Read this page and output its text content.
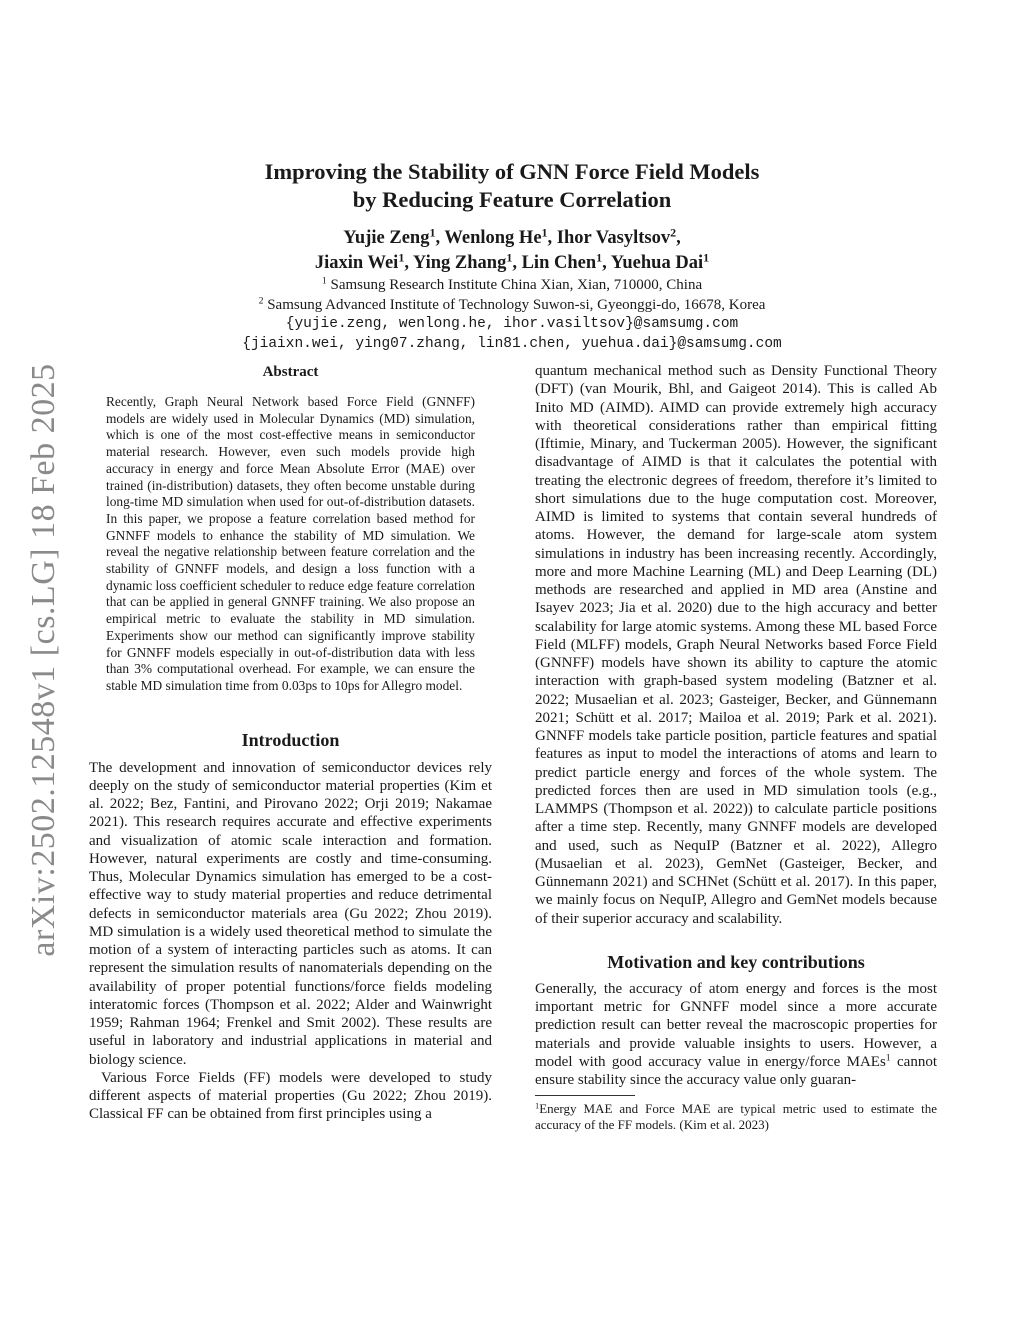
arXiv:2502.12548v1 [cs.LG] 18 Feb 2025
Improving the Stability of GNN Force Field Models
by Reducing Feature Correlation
Yujie Zeng$^1$, Wenlong He$^1$, Ihor Vasyltsov$^2$,
Jiaxin Wei$^1$, Ying Zhang$^1$, Lin Chen$^1$, Yuehua Dai$^1$
$^1$ Samsung Research Institute China Xian, Xian, 710000, China
$^2$ Samsung Advanced Institute of Technology Suwon-si, Gyeonggi-do, 16678, Korea
{yujie.zeng, wenlong.he, ihor.vasiltsov}@samsumg.com
{jiaixn.wei, ying07.zhang, lin81.chen, yuehua.dai}@samsumg.com
Abstract

Recently, Graph Neural Network based Force Field (GNNFF) models are widely used in Molecular Dynamics (MD) simulation, which is one of the most cost-effective means in semiconductor material research. However, even such models provide high accuracy in energy and force Mean Absolute Error (MAE) over trained (in-distribution) datasets, they often become unstable during long-time MD simulation when used for out-of-distribution datasets. In this paper, we propose a feature correlation based method for GNNFF models to enhance the stability of MD simulation. We reveal the negative relationship between feature correlation and the stability of GNNFF models, and design a loss function with a dynamic loss coefficient scheduler to reduce edge feature correlation that can be applied in general GNNFF training. We also propose an empirical metric to evaluate the stability in MD simulation. Experiments show our method can significantly improve stability for GNNFF models especially in out-of-distribution data with less than 3% computational overhead. For example, we can ensure the stable MD simulation time from 0.03ps to 10ps for Allegro model.

Introduction

The development and innovation of semiconductor devices rely deeply on the study of semiconductor material properties (Kim et al. 2022; Bez, Fantini, and Pirovano 2022; Orji 2019; Nakamae 2021). This research requires accurate and effective experiments and visualization of atomic scale interaction and formation. However, natural experiments are costly and time-consuming. Thus, Molecular Dynamics simulation has emerged to be a cost-effective way to study material properties and reduce detrimental defects in semiconductor materials area (Gu 2022; Zhou 2019). MD simulation is a widely used theoretical method to simulate the motion of a system of interacting particles such as atoms. It can represent the simulation results of nanomaterials depending on the availability of proper potential functions/force fields modeling interatomic forces (Thompson et al. 2022; Alder and Wainwright 1959; Rahman 1964; Frenkel and Smit 2002). These results are useful in laboratory and industrial applications in material and biology science.

Various Force Fields (FF) models were developed to study different aspects of material properties (Gu 2022; Zhou 2019). Classical FF can be obtained from first principles using a

quantum mechanical method such as Density Functional Theory (DFT) (van Mourik, Bhl, and Gaigeot 2014). This is called Ab Inito MD (AIMD). AIMD can provide extremely high accuracy with theoretical considerations rather than empirical fitting (Iftimie, Minary, and Tuckerman 2005). However, the significant disadvantage of AIMD is that it calculates the potential with treating the electronic degrees of freedom, therefore it’s limited to short simulations due to the huge computation cost. Moreover, AIMD is limited to systems that contain several hundreds of atoms. However, the demand for large-scale atom system simulations in industry has been increasing recently. Accordingly, more and more Machine Learning (ML) and Deep Learning (DL) methods are researched and applied in MD area (Anstine and Isayev 2023; Jia et al. 2020) due to the high accuracy and better scalability for large atomic systems. Among these ML based Force Field (MLFF) models, Graph Neural Networks based Force Field (GNNFF) models have shown its ability to capture the atomic interaction with graph-based system modeling (Batzner et al. 2022; Musaelian et al. 2023; Gasteiger, Becker, and Günnemann 2021; Schütt et al. 2017; Mailoa et al. 2019; Park et al. 2021). GNNFF models take particle position, particle features and spatial features as input to model the interactions of atoms and learn to predict particle energy and forces of the whole system. The predicted forces then are used in MD simulation tools (e.g., LAMMPS (Thompson et al. 2022)) to calculate particle positions after a time step. Recently, many GNNFF models are developed and used, such as NequIP (Batzner et al. 2022), Allegro (Musaelian et al. 2023), GemNet (Gasteiger, Becker, and Günnemann 2021) and SCHNet (Schütt et al. 2017). In this paper, we mainly focus on NequIP, Allegro and GemNet models because of their superior accuracy and scalability.

Motivation and key contributions

Generally, the accuracy of atom energy and forces is the most important metric for GNNFF model since a more accurate prediction result can better reveal the macroscopic properties for materials and provide valuable insights to users. However, a model with good accuracy value in energy/force MAEs$^1$ cannot ensure stability since the accuracy value only guaran-

$^1$Energy MAE and Force MAE are typical metric used to estimate the accuracy of the FF models. (Kim et al. 2023)
